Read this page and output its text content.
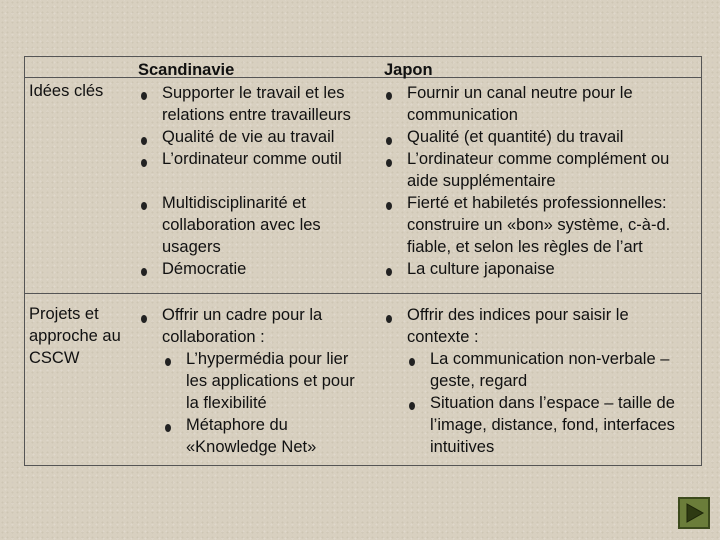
Scandinavie	Japon
Idées clés	Supporter le travail et les
relations entre travailleurs
Qualité de vie au travail
L’ordinateur comme outil
Multidisciplinarité et
collaboration avec les
usagers
Démocratie
Fournir un canal neutre pour le
communication
Qualité (et quantité) du travail
L’ordinateur comme complément ou
aide supplémentaire
Fierté et habiletés professionnelles:
construire un «bon» système, c-à-d.
fiable, et selon les règles de l’art
La culture japonaise
Projets et
approche au
CSCW
Offrir un cadre pour la
collaboration :
L’hypermédia pour lier
les applications et pour
la flexibilité
Métaphore du
«Knowledge Net»
Offrir des indices pour saisir le
contexte :
La communication non-verbale –
geste, regard
Situation dans l’espace – taille de
l’image, distance, fond, interfaces
intuitives
